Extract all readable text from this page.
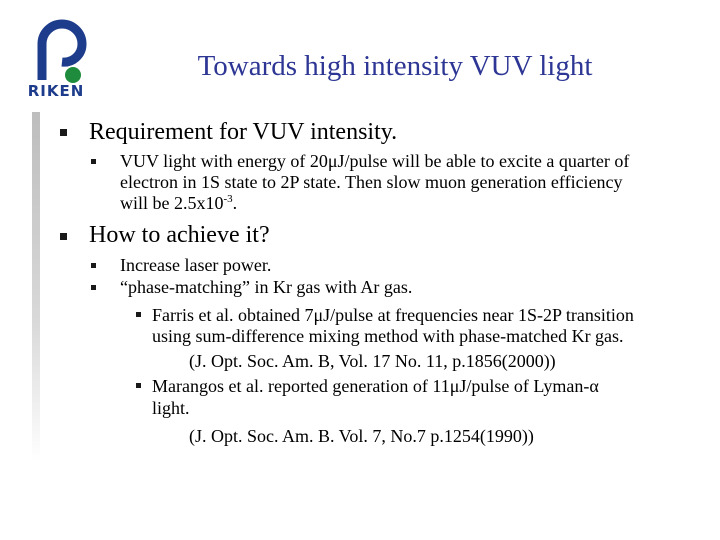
RIKEN
Towards high intensity VUV light
Requirement for VUV intensity.
VUV light with energy of 20μJ/pulse will be able to excite a quarter of
electron in 1S state to 2P state. Then slow muon generation efficiency
will be $2.5x10^{-3}$.
How to achieve it?
Increase laser power.
“phase-matching” in Kr gas with Ar gas.
Farris et al. obtained 7μJ/pulse at frequencies near 1S-2P transition
using sum-difference mixing method with phase-matched Kr gas.
(J. Opt. Soc. Am. B, Vol. 17 No. 11, p.1856(2000))
Marangos et al. reported generation of 11μJ/pulse of Lyman-α
light.
(J. Opt. Soc. Am. B. Vol. 7, No.7 p.1254(1990))
